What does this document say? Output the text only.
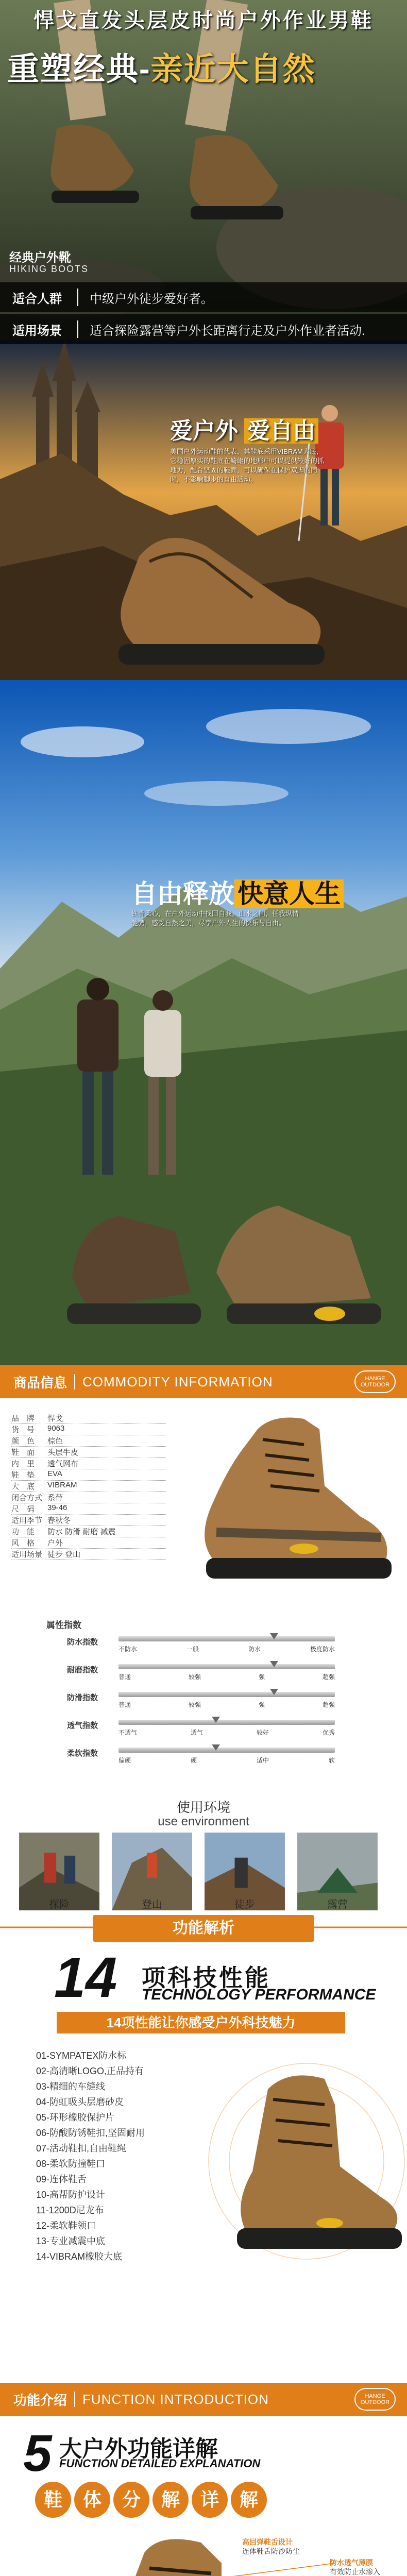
悍戈直发头层皮时尚户外作业男鞋
重塑经典-亲近大自然
经典户外靴
HIKING BOOTS
适合人群	中级户外徒步爱好者。
适用场景	适合探险露营等户外长距离行走及户外作业者活动.
爱户外 爱自由
美国户外运动鞋的代表，其鞋底采用VIBRAM大底，它稳固厚实的鞋底在崎岖的地形中可以提供较好的抓地力，配合坚固的鞋面，可以确保在保护双脚的同时，不影响脚步的自由活动。
自由释放 快意人生
铁骨柔心，在户外运动中找回自我。山水之间，任我纵情驰骋，感受自然之美，尽享户外人生的快乐与自由。
商品信息 COMMODITY INFORMATION	HANGE OUTDOOR
品　牌	悍戈
货　号	9063
颜　色	棕色
鞋　面	头层牛皮
内　里	透气网布
鞋　垫	EVA
大　底	VIBRAM
闭合方式 系带
尺　码	39-46
适用季节 春秋冬
功　能	防水 防滑 耐磨 减震
风　格	户外
适用场景 徒步 登山
属性指数
防水指数
不防水	一般	防水	极度防水
耐磨指数
普通	较强	强	超强
防滑指数
普通	较强	强	超强
透气指数
不透气	透气	较好	优秀
柔软指数
偏硬	硬	适中	软
使用环境
use environment
探险	登山	徒步	露营
功能解析
14 项科技性能
TECHNOLOGY PERFORMANCE
14项性能让你感受户外科技魅力
01-SYMPATEX防水标
02-高清晰LOGO,正品持有
03-精细的车缝线
04-防虹吸头层磨砂皮
05-环形橡胶保护片
06-防酸防锈鞋扣,坚固耐用
07-活动鞋扣,自由鞋绳
08-柔软防撞鞋口
09-连体鞋舌
10-高帮防护设计
11-1200D尼龙布
12-柔软鞋领口
13-专业减震中底
14-VIBRAM橡胶大底
功能介绍 FUNCTION INTRODUCTION	HANGE OUTDOOR
5 大户外功能详解
FUNCTION DETAILED EXPLANATION
鞋 体 分 解 详 解
高回弹鞋舌设计
连体鞋舌防沙防尘
防水透气薄膜
有效防止水渗入
